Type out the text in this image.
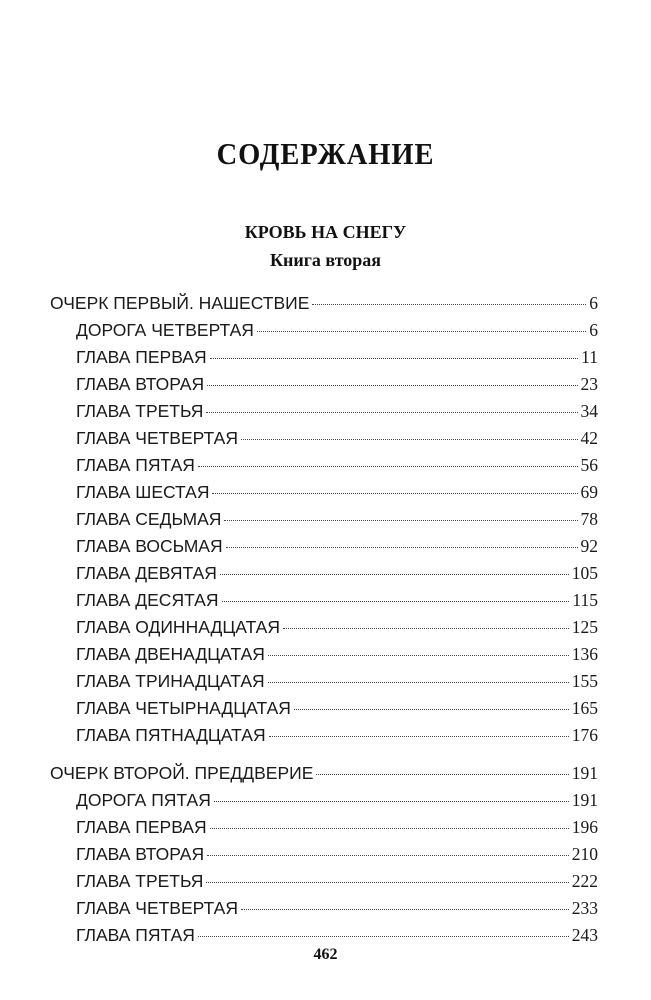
СОДЕРЖАНИЕ
КРОВЬ НА СНЕГУ
Книга вторая
ОЧЕРК ПЕРВЫЙ. НАШЕСТВИЕ	6
ДОРОГА ЧЕТВЕРТАЯ	6
ГЛАВА ПЕРВАЯ	11
ГЛАВА ВТОРАЯ	23
ГЛАВА ТРЕТЬЯ	34
ГЛАВА ЧЕТВЕРТАЯ	42
ГЛАВА ПЯТАЯ	56
ГЛАВА ШЕСТАЯ	69
ГЛАВА СЕДЬМАЯ	78
ГЛАВА ВОСЬМАЯ	92
ГЛАВА ДЕВЯТАЯ	105
ГЛАВА ДЕСЯТАЯ	115
ГЛАВА ОДИННАДЦАТАЯ	125
ГЛАВА ДВЕНАДЦАТАЯ	136
ГЛАВА ТРИНАДЦАТАЯ	155
ГЛАВА ЧЕТЫРНАДЦАТАЯ	165
ГЛАВА ПЯТНАДЦАТАЯ	176
ОЧЕРК ВТОРОЙ. ПРЕДДВЕРИЕ	191
ДОРОГА ПЯТАЯ	191
ГЛАВА ПЕРВАЯ	196
ГЛАВА ВТОРАЯ	210
ГЛАВА ТРЕТЬЯ	222
ГЛАВА ЧЕТВЕРТАЯ	233
ГЛАВА ПЯТАЯ	243
462
